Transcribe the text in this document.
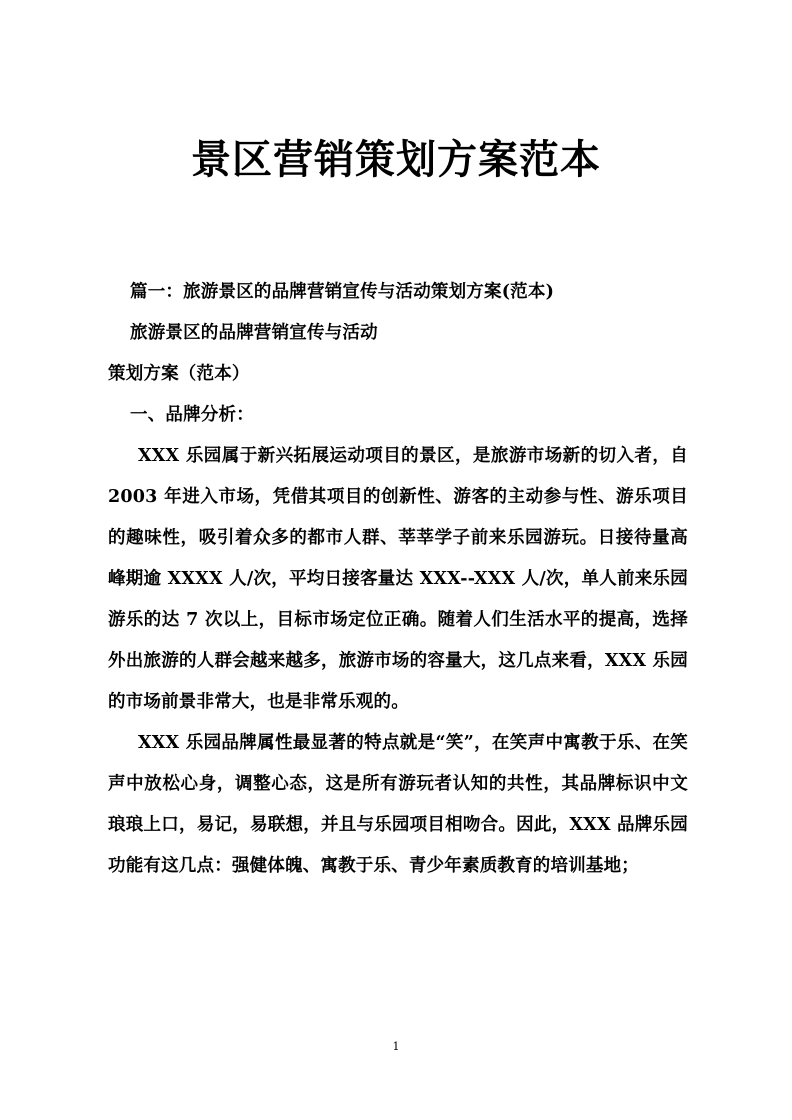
景区营销策划方案范本

篇一：旅游景区的品牌营销宣传与活动策划方案(范本)

旅游景区的品牌营销宣传与活动

策划方案（范本）

一、品牌分析：

XXX 乐园属于新兴拓展运动项目的景区，是旅游市场新的切入者，自 2003 年进入市场，凭借其项目的创新性、游客的主动参与性、游乐项目的趣味性，吸引着众多的都市人群、莘莘学子前来乐园游玩。日接待量高峰期逾 XXXX 人/次，平均日接客量达 XXX--XXX 人/次，单人前来乐园游乐的达 7 次以上，目标市场定位正确。随着人们生活水平的提高，选择外出旅游的人群会越来越多，旅游市场的容量大，这几点来看，XXX 乐园的市场前景非常大，也是非常乐观的。

XXX 乐园品牌属性最显著的特点就是“笑”，在笑声中寓教于乐、在笑声中放松心身，调整心态，这是所有游玩者认知的共性，其品牌标识中文琅琅上口，易记，易联想，并且与乐园项目相吻合。因此，XXX 品牌乐园功能有这几点：强健体魄、寓教于乐、青少年素质教育的培训基地；

1
